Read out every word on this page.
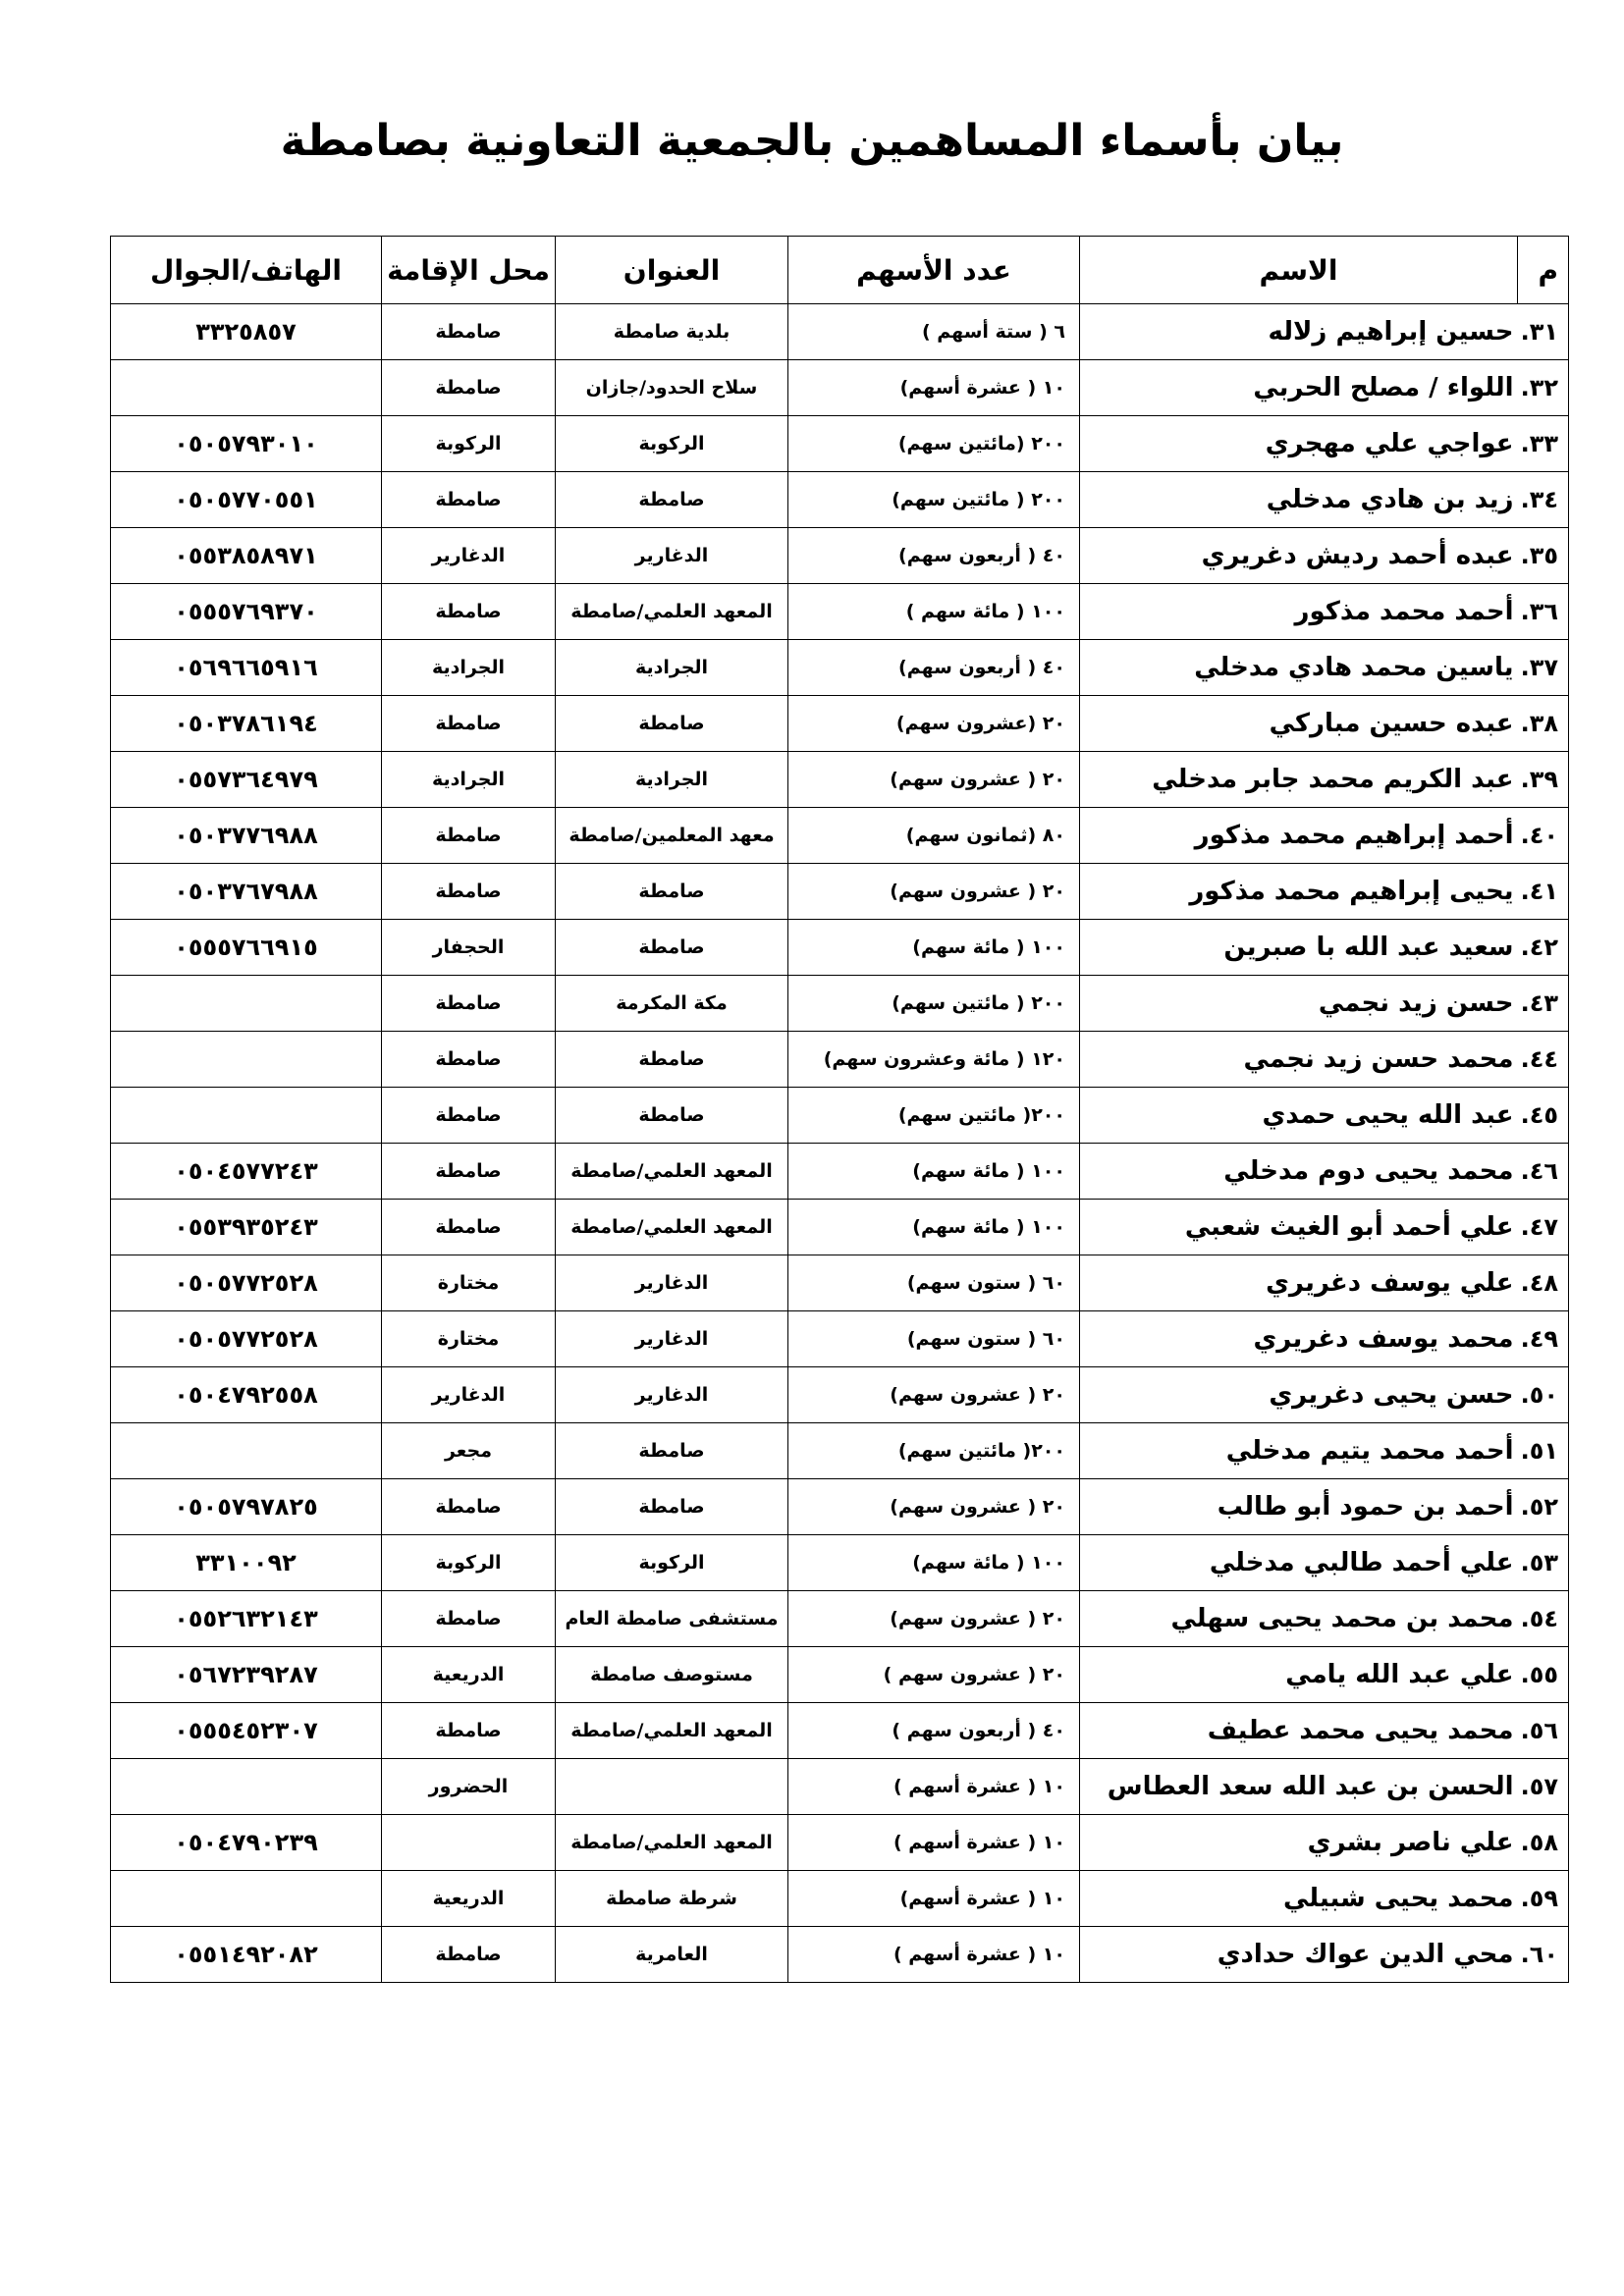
بيان بأسماء المساهمين بالجمعية التعاونية بصامطة
م	الاسم	عدد الأسهم	العنوان	محل الإقامة	الهاتف/الجوال
٣١.	حسين إبراهيم زلاله	٦ ( ستة أسهم )	بلدية صامطة	صامطة	٣٣٢٥٨٥٧
٣٢.	اللواء / مصلح الحربي	١٠ ( عشرة أسهم)	سلاح الحدود/جازان	صامطة	
٣٣.	عواجي علي مهجري	٢٠٠ (مائتين سهم)	الركوبة	الركوبة	٠٥٠٥٧٩٣٠١٠
٣٤.	زيد بن هادي مدخلي	٢٠٠ ( مائتين سهم)	صامطة	صامطة	٠٥٠٥٧٧٠٥٥١
٣٥.	عبده أحمد رديش دغريري	٤٠ ( أربعون سهم)	الدغارير	الدغارير	٠٥٥٣٨٥٨٩٧١
٣٦.	أحمد محمد مذكور	١٠٠ ( مائة سهم )	المعهد العلمي/صامطة	صامطة	٠٥٥٥٧٦٩٣٧٠
٣٧.	ياسين محمد هادي مدخلي	٤٠ ( أربعون سهم)	الجرادية	الجرادية	٠٥٦٩٦٦٥٩١٦
٣٨.	عبده حسين مباركي	٢٠ (عشرون سهم)	صامطة	صامطة	٠٥٠٣٧٨٦١٩٤
٣٩.	عبد الكريم محمد جابر مدخلي	٢٠ ( عشرون سهم)	الجرادية	الجرادية	٠٥٥٧٣٦٤٩٧٩
٤٠.	أحمد إبراهيم محمد مذكور	٨٠ (ثمانون سهم)	معهد المعلمين/صامطة	صامطة	٠٥٠٣٧٧٦٩٨٨
٤١.	يحيى إبراهيم محمد مذكور	٢٠ ( عشرون سهم)	صامطة	صامطة	٠٥٠٣٧٦٧٩٨٨
٤٢.	سعيد عبد الله با صبرين	١٠٠ ( مائة سهم)	صامطة	الحجفار	٠٥٥٥٧٦٦٩١٥
٤٣.	حسن زيد نجمي	٢٠٠ ( مائتين سهم)	مكة المكرمة	صامطة	
٤٤.	محمد حسن زيد نجمي	١٢٠ ( مائة وعشرون سهم)	صامطة	صامطة	
٤٥.	عبد الله يحيى حمدي	٢٠٠( مائتين سهم)	صامطة	صامطة	
٤٦.	محمد يحيى دوم مدخلي	١٠٠ ( مائة سهم)	المعهد العلمي/صامطة	صامطة	٠٥٠٤٥٧٧٢٤٣
٤٧.	علي أحمد أبو الغيث شعبي	١٠٠ ( مائة سهم)	المعهد العلمي/صامطة	صامطة	٠٥٥٣٩٣٥٢٤٣
٤٨.	علي يوسف دغريري	٦٠ ( ستون سهم)	الدغارير	مختارة	٠٥٠٥٧٧٢٥٢٨
٤٩.	محمد يوسف دغريري	٦٠ ( ستون سهم)	الدغارير	مختارة	٠٥٠٥٧٧٢٥٢٨
٥٠.	حسن يحيى دغريري	٢٠ ( عشرون سهم)	الدغارير	الدغارير	٠٥٠٤٧٩٢٥٥٨
٥١.	أحمد محمد يتيم مدخلي	٢٠٠( مائتين سهم)	صامطة	مجعر	
٥٢.	أحمد بن حمود أبو طالب	٢٠ ( عشرون سهم)	صامطة	صامطة	٠٥٠٥٧٩٧٨٢٥
٥٣.	علي أحمد طالبي مدخلي	١٠٠ ( مائة سهم)	الركوبة	الركوبة	٣٣١٠٠٩٢
٥٤.	محمد بن محمد يحيى سهلي	٢٠ ( عشرون سهم)	مستشفى صامطة العام	صامطة	٠٥٥٢٦٣٢١٤٣
٥٥.	علي عبد الله يامي	٢٠ ( عشرون سهم )	مستوصف صامطة	الدريعية	٠٥٦٧٢٣٩٢٨٧
٥٦.	محمد يحيى محمد عطيف	٤٠ ( أربعون سهم )	المعهد العلمي/صامطة	صامطة	٠٥٥٥٤٥٢٣٠٧
٥٧.	الحسن بن عبد الله سعد العطاس	١٠ ( عشرة أسهم )		الحضرور	
٥٨.	علي ناصر بشري	١٠ ( عشرة أسهم )	المعهد العلمي/صامطة		٠٥٠٤٧٩٠٢٣٩
٥٩.	محمد يحيى شبيلي	١٠ ( عشرة أسهم)	شرطة صامطة	الدريعية	
٦٠.	محي الدين عواك حدادي	١٠ ( عشرة أسهم )	العامرية	صامطة	٠٥٥١٤٩٢٠٨٢
